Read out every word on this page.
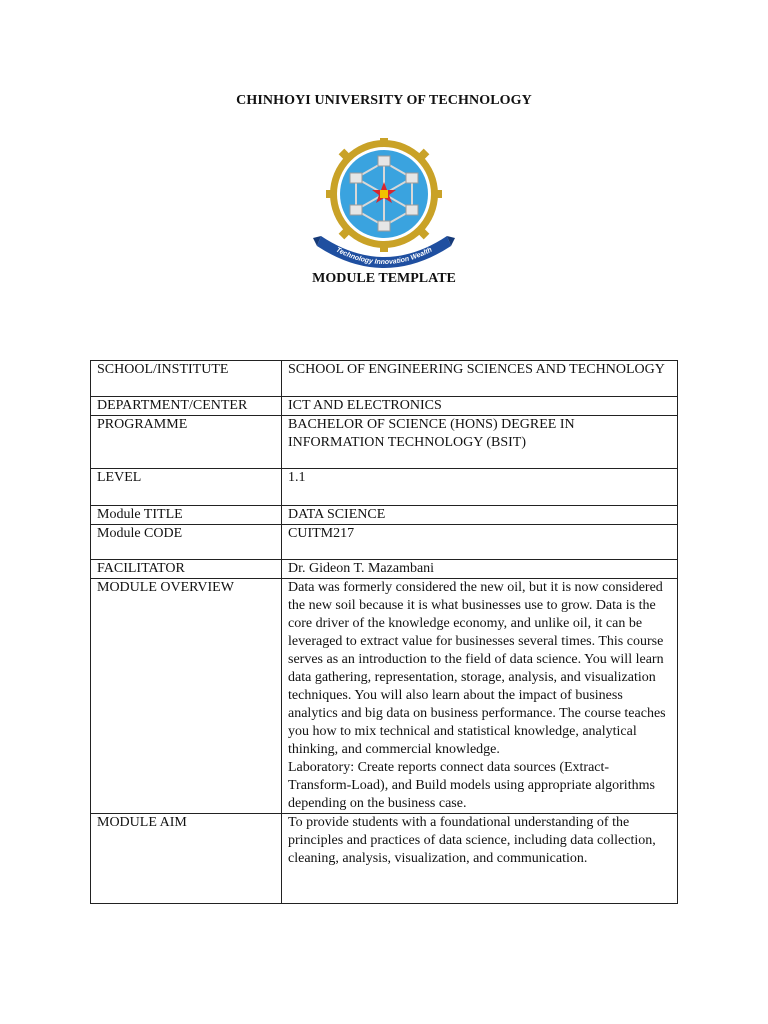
CHINHOYI UNIVERSITY OF TECHNOLOGY
Technology Innovation Wealth
MODULE TEMPLATE
SCHOOL/INSTITUTE	SCHOOL OF ENGINEERING SCIENCES AND TECHNOLOGY
DEPARTMENT/CENTER	ICT AND ELECTRONICS
PROGRAMME	BACHELOR OF SCIENCE (HONS) DEGREE IN INFORMATION TECHNOLOGY (BSIT)
LEVEL	1.1
Module TITLE	DATA SCIENCE
Module CODE	CUITM217
FACILITATOR	Dr. Gideon T. Mazambani
MODULE OVERVIEW	Data was formerly considered the new oil, but it is now considered the new soil because it is what businesses use to grow. Data is the core driver of the knowledge economy, and unlike oil, it can be leveraged to extract value for businesses several times. This course serves as an introduction to the field of data science. You will learn data gathering, representation, storage, analysis, and visualization techniques. You will also learn about the impact of business analytics and big data on business performance. The course teaches you how to mix technical and statistical knowledge, analytical thinking, and commercial knowledge.
Laboratory: Create reports connect data sources (Extract-Transform-Load), and Build models using appropriate algorithms depending on the business case.

MODULE AIM	To provide students with a foundational understanding of the principles and practices of data science, including data collection, cleaning, analysis, visualization, and communication.
